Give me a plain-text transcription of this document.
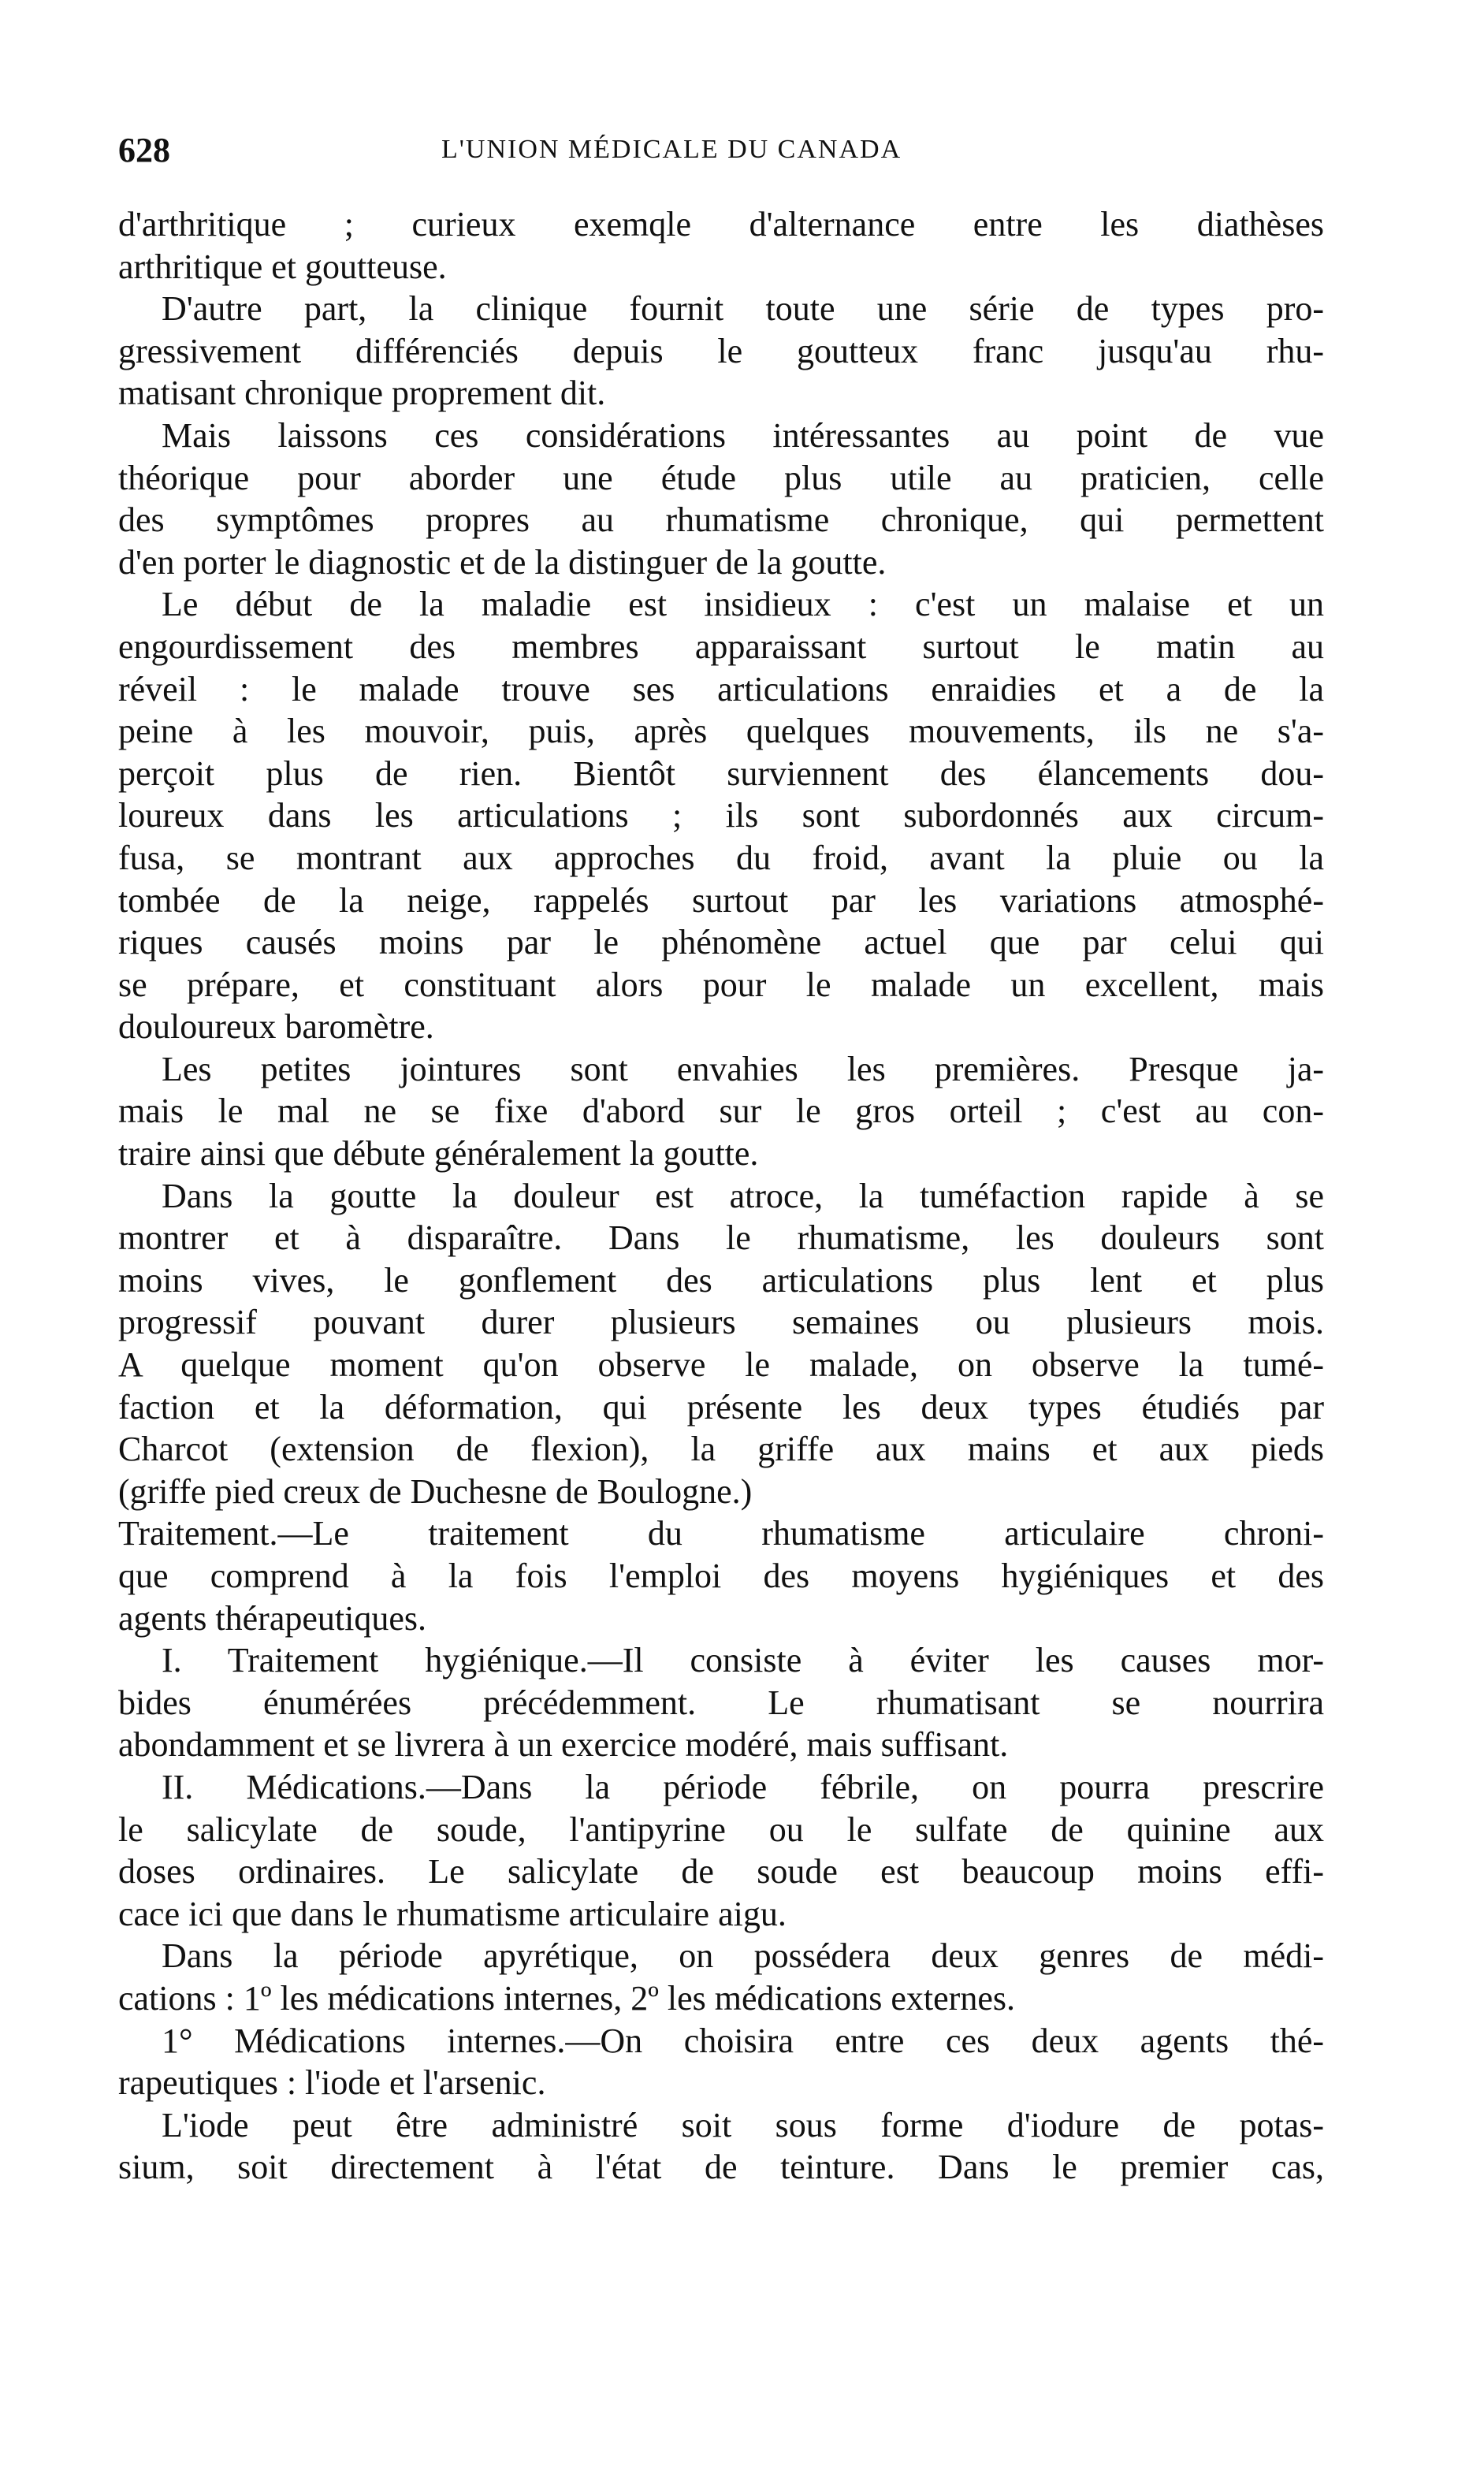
628	L'UNION MÉDICALE DU CANADA
d'arthritique ; curieux exemqle d'alternance entre les diathèses
arthritique et goutteuse.
D'autre part, la clinique fournit toute une série de types pro-
gressivement différenciés depuis le goutteux franc jusqu'au rhu-
matisant chronique proprement dit.
Mais laissons ces considérations intéressantes au point de vue
théorique pour aborder une étude plus utile au praticien, celle
des symptômes propres au rhumatisme chronique, qui permettent
d'en porter le diagnostic et de la distinguer de la goutte.
Le début de la maladie est insidieux : c'est un malaise et un
engourdissement des membres apparaissant surtout le matin au
réveil : le malade trouve ses articulations enraidies et a de la
peine à les mouvoir, puis, après quelques mouvements, ils ne s'a-
perçoit plus de rien. Bientôt surviennent des élancements dou-
loureux dans les articulations ; ils sont subordonnés aux circum-
fusa, se montrant aux approches du froid, avant la pluie ou la
tombée de la neige, rappelés surtout par les variations atmosphé-
riques causés moins par le phénomène actuel que par celui qui
se prépare, et constituant alors pour le malade un excellent, mais
douloureux baromètre.
Les petites jointures sont envahies les premières. Presque ja-
mais le mal ne se fixe d'abord sur le gros orteil ; c'est au con-
traire ainsi que débute généralement la goutte.
Dans la goutte la douleur est atroce, la tuméfaction rapide à se
montrer et à disparaître. Dans le rhumatisme, les douleurs sont
moins vives, le gonflement des articulations plus lent et plus
progressif pouvant durer plusieurs semaines ou plusieurs mois.
A quelque moment qu'on observe le malade, on observe la tumé-
faction et la déformation, qui présente les deux types étudiés par
Charcot (extension de flexion), la griffe aux mains et aux pieds
(griffe pied creux de Duchesne de Boulogne.)
Traitement.—Le traitement du rhumatisme articulaire chroni-
que comprend à la fois l'emploi des moyens hygiéniques et des
agents thérapeutiques.
I. Traitement hygiénique.—Il consiste à éviter les causes mor-
bides énumérées précédemment. Le rhumatisant se nourrira
abondamment et se livrera à un exercice modéré, mais suffisant.
II. Médications.—Dans la période fébrile, on pourra prescrire
le salicylate de soude, l'antipyrine ou le sulfate de quinine aux
doses ordinaires. Le salicylate de soude est beaucoup moins effi-
cace ici que dans le rhumatisme articulaire aigu.
Dans la période apyrétique, on possédera deux genres de médi-
cations : 1º les médications internes, 2º les médications externes.
1° Médications internes.—On choisira entre ces deux agents thé-
rapeutiques : l'iode et l'arsenic.
L'iode peut être administré soit sous forme d'iodure de potas-
sium, soit directement à l'état de teinture. Dans le premier cas,
